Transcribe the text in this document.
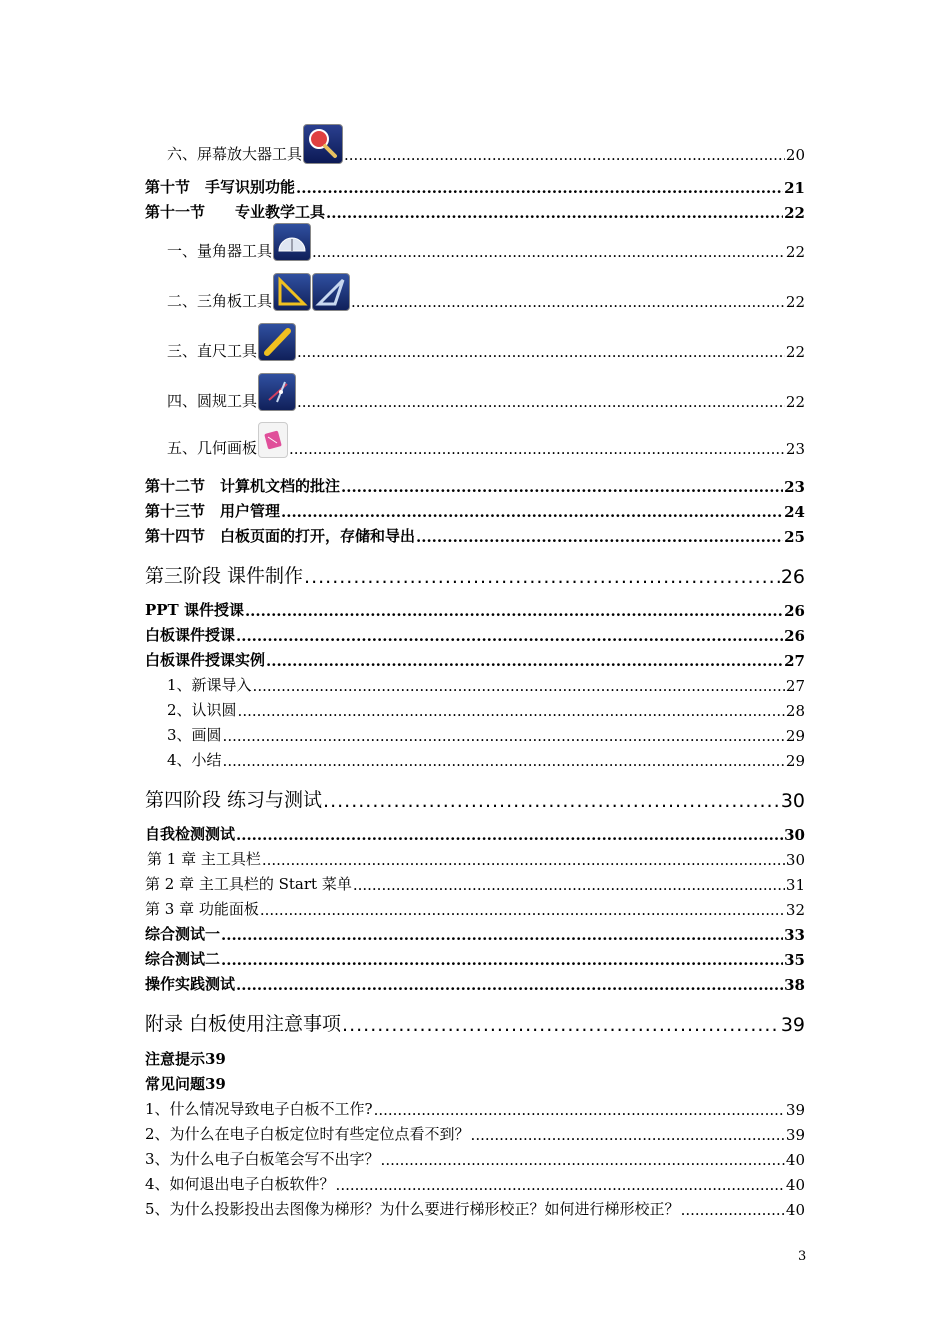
六、屏幕放大器工具 .....	20
第十节　手写识别功能 .....	21
第十一节　　专业教学工具 .....	22
一、量角器工具 .....	22
二、三角板工具 .....	22
三、直尺工具 .....	22
四、圆规工具 .....	22
五、几何画板 .....	23
第十二节　计算机文档的批注 .....	23
第十三节　用户管理 .....	24
第十四节　白板页面的打开，存储和导出 .....	25
第三阶段 课件制作 .....	26
PPT 课件授课 .....	26
白板课件授课 .....	26
白板课件授课实例 .....	27
1、新课导入 .....	27
2、认识圆 .....	28
3、画圆 .....	29
4、小结 .....	29
第四阶段 练习与测试 .....	30
自我检测测试 .....	30
第 1 章 主工具栏 .....	30
第 2 章 主工具栏的 Start 菜单 .....	31
第 3 章 功能面板 .....	32
综合测试一 .....	33
综合测试二 .....	35
操作实践测试 .....	38
附录 白板使用注意事项 .....	39
注意提示39
常见问题39
1、什么情况导致电子白板不工作? .....	39
2、为什么在电子白板定位时有些定位点看不到？ .....	39
3、为什么电子白板笔会写不出字？ .....	40
4、如何退出电子白板软件？ .....	40
5、为什么投影投出去图像为梯形？为什么要进行梯形校正？如何进行梯形校正？ .....	40
3
